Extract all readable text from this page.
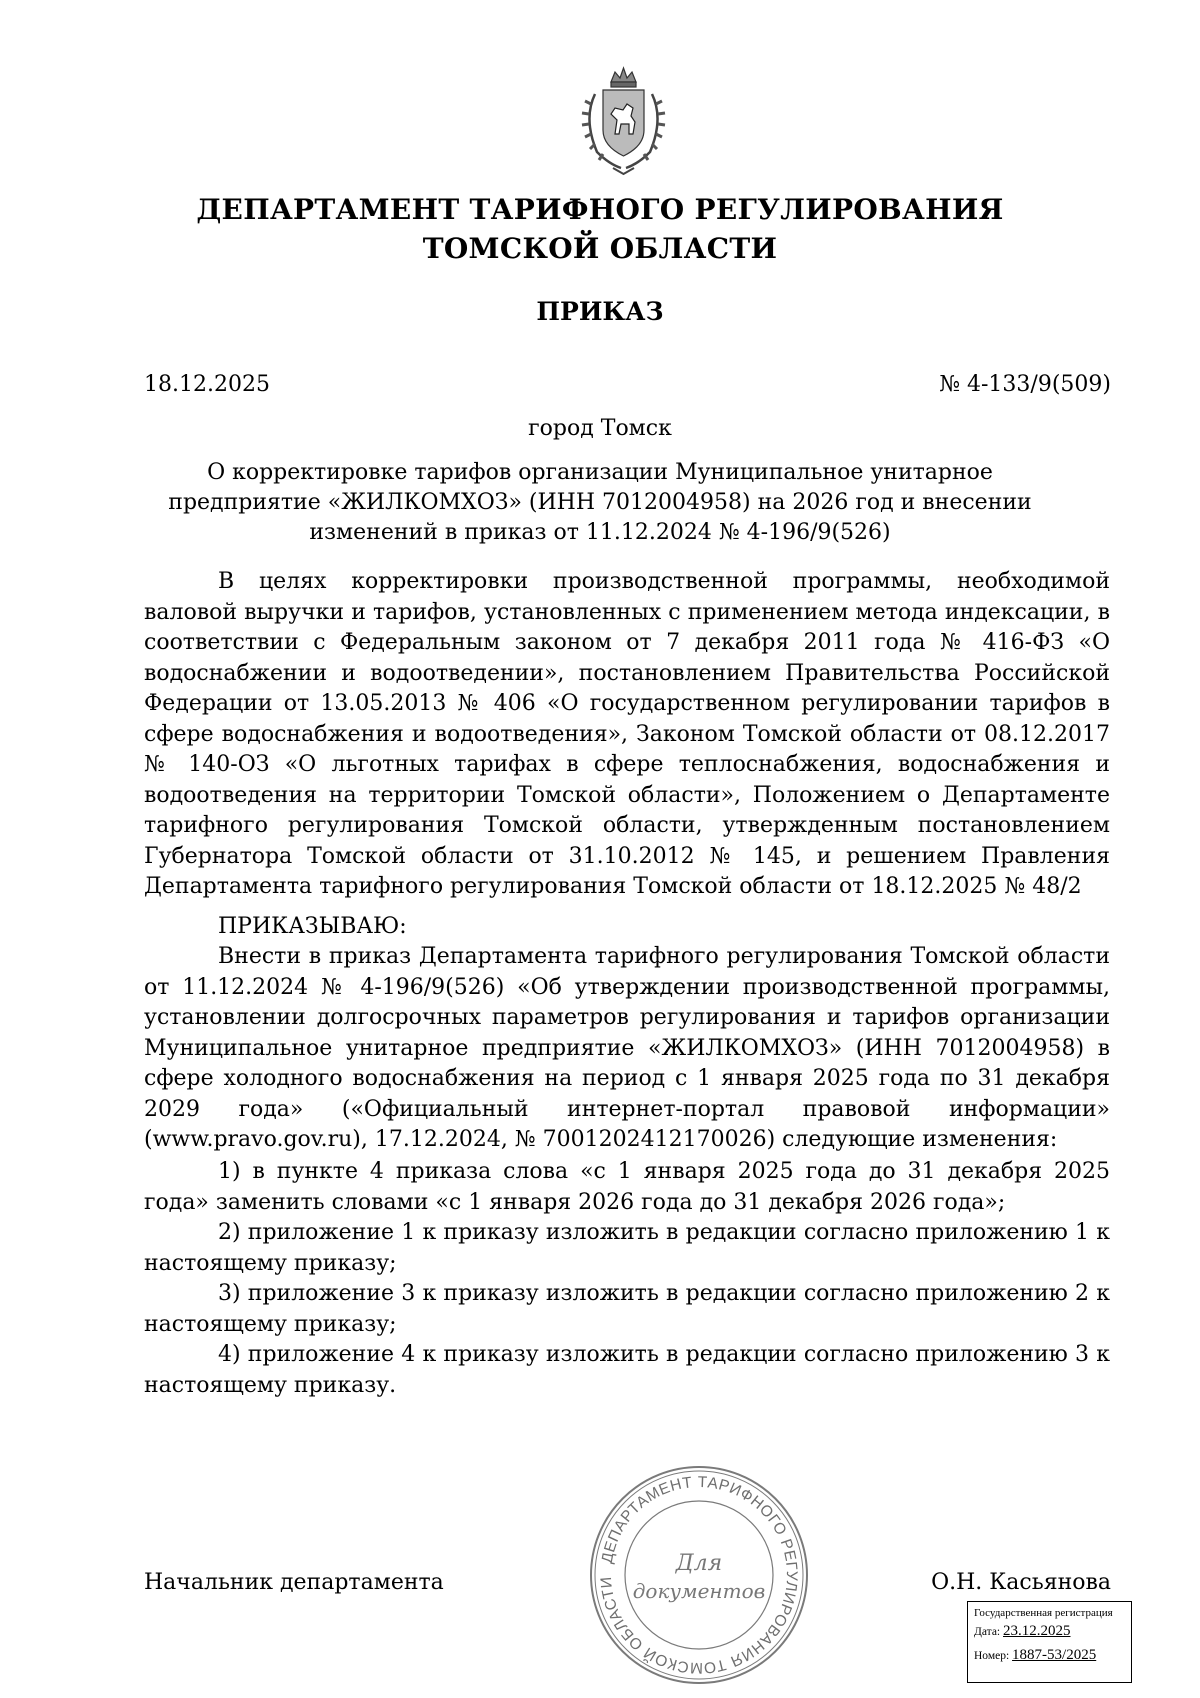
ДЕПАРТАМЕНТ ТАРИФНОГО РЕГУЛИРОВАНИЯ
ТОМСКОЙ ОБЛАСТИ
ПРИКАЗ
18.12.2025	№ 4-133/9(509)
город Томск
О корректировке тарифов организации Муниципальное унитарное предприятие «ЖИЛКОМХОЗ» (ИНН 7012004958) на 2026 год и внесении изменений в приказ от 11.12.2024 № 4-196/9(526)

В целях корректировки производственной программы, необходимой валовой выручки и тарифов, установленных с применением метода индексации, в соответствии с Федеральным законом от 7 декабря 2011 года № 416-ФЗ «О водоснабжении и водоотведении», постановлением Правительства Российской Федерации от 13.05.2013 № 406 «О государственном регулировании тарифов в сфере водоснабжения и водоотведения», Законом Томской области от 08.12.2017 № 140-ОЗ «О льготных тарифах в сфере теплоснабжения, водоснабжения и водоотведения на территории Томской области», Положением о Департаменте тарифного регулирования Томской области, утвержденным постановлением Губернатора Томской области от 31.10.2012 № 145, и решением Правления Департамента тарифного регулирования Томской области от 18.12.2025 № 48/2

ПРИКАЗЫВАЮ:

Внести в приказ Департамента тарифного регулирования Томской области от 11.12.2024 № 4-196/9(526) «Об утверждении производственной программы, установлении долгосрочных параметров регулирования и тарифов организации Муниципальное унитарное предприятие «ЖИЛКОМХОЗ» (ИНН 7012004958) в сфере холодного водоснабжения на период с 1 января 2025 года по 31 декабря 2029 года» («Официальный интернет-портал правовой информации» (www.pravo.gov.ru), 17.12.2024, № 7001202412170026) следующие изменения:

1) в пункте 4 приказа слова «с 1 января 2025 года до 31 декабря 2025 года» заменить словами «с 1 января 2026 года до 31 декабря 2026 года»;

2) приложение 1 к приказу изложить в редакции согласно приложению 1 к настоящему приказу;

3) приложение 3 к приказу изложить в редакции согласно приложению 2 к настоящему приказу;

4) приложение 4 к приказу изложить в редакции согласно приложению 3 к настоящему приказу.

Начальник департамента	О.Н. Касьянова
ДЕПАРТАМЕНТ ТАРИФНОГО РЕГУЛИРОВАНИЯ ТОМСКОЙ ОБЛАСТИ
Для
документов
Государственная регистрация
Дата: 23.12.2025
Номер: 1887-53/2025
